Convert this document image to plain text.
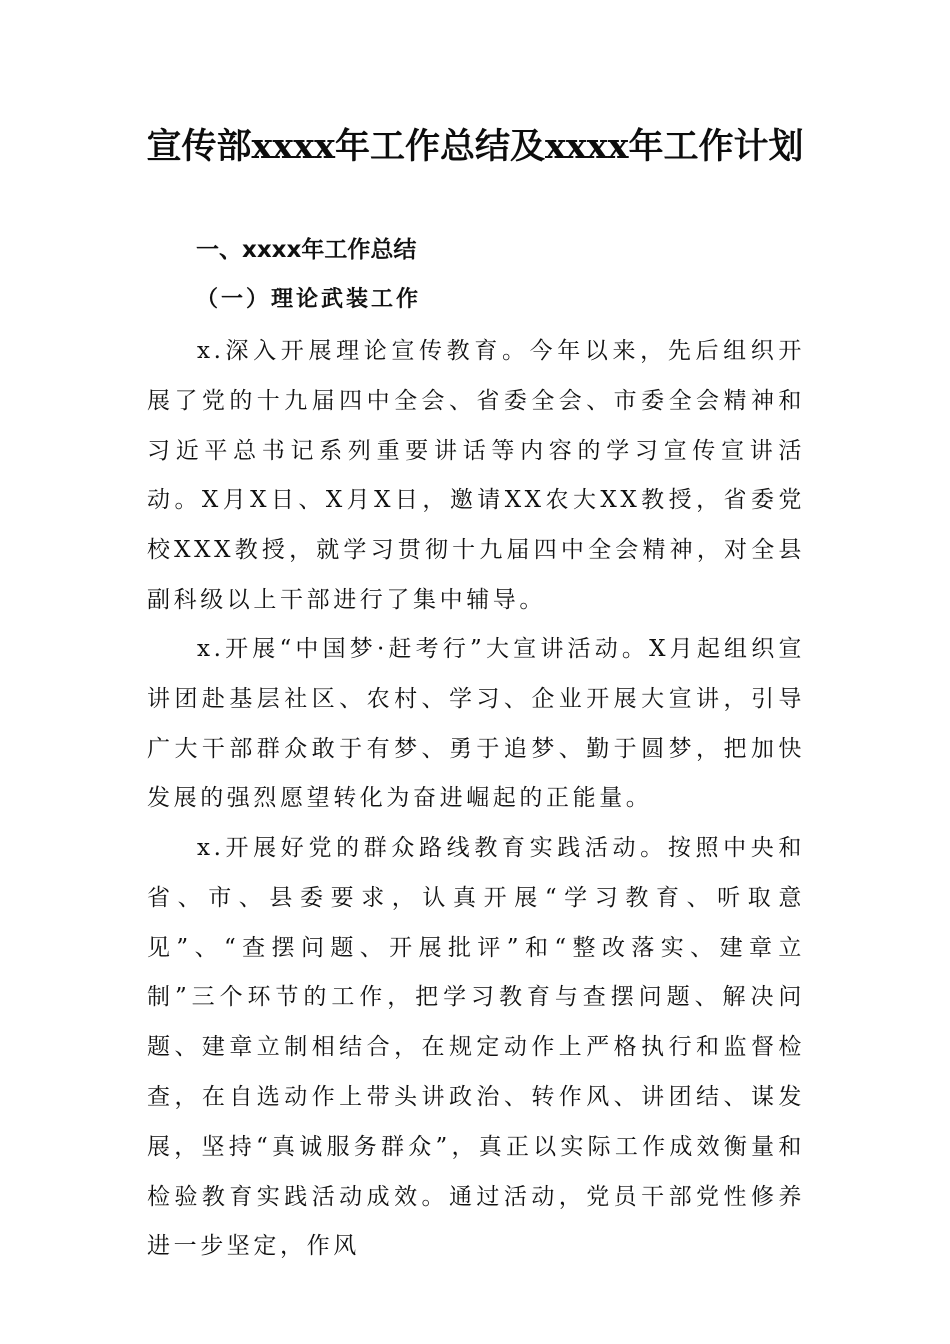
宣传部xxxx年工作总结及xxxx年工作计划
一、xxxx年工作总结
（一）理论武装工作

x.深入开展理论宣传教育。今年以来，先后组织开展了党的十九届四中全会、省委全会、市委全会精神和习近平总书记系列重要讲话等内容的学习宣传宣讲活动。X月X日、X月X日，邀请XX农大XX教授，省委党校XXX教授，就学习贯彻十九届四中全会精神，对全县副科级以上干部进行了集中辅导。

x.开展“中国梦·赶考行”大宣讲活动。X月起组织宣讲团赴基层社区、农村、学习、企业开展大宣讲，引导广大干部群众敢于有梦、勇于追梦、勤于圆梦，把加快发展的强烈愿望转化为奋进崛起的正能量。

x.开展好党的群众路线教育实践活动。按照中央和省、市、县委要求，认真开展“学习教育、听取意见”、“查摆问题、开展批评”和“整改落实、建章立制”三个环节的工作，把学习教育与查摆问题、解决问题、建章立制相结合，在规定动作上严格执行和监督检查，在自选动作上带头讲政治、转作风、讲团结、谋发展，坚持“真诚服务群众”，真正以实际工作成效衡量和检验教育实践活动成效。通过活动，党员干部党性修养进一步坚定，作风
